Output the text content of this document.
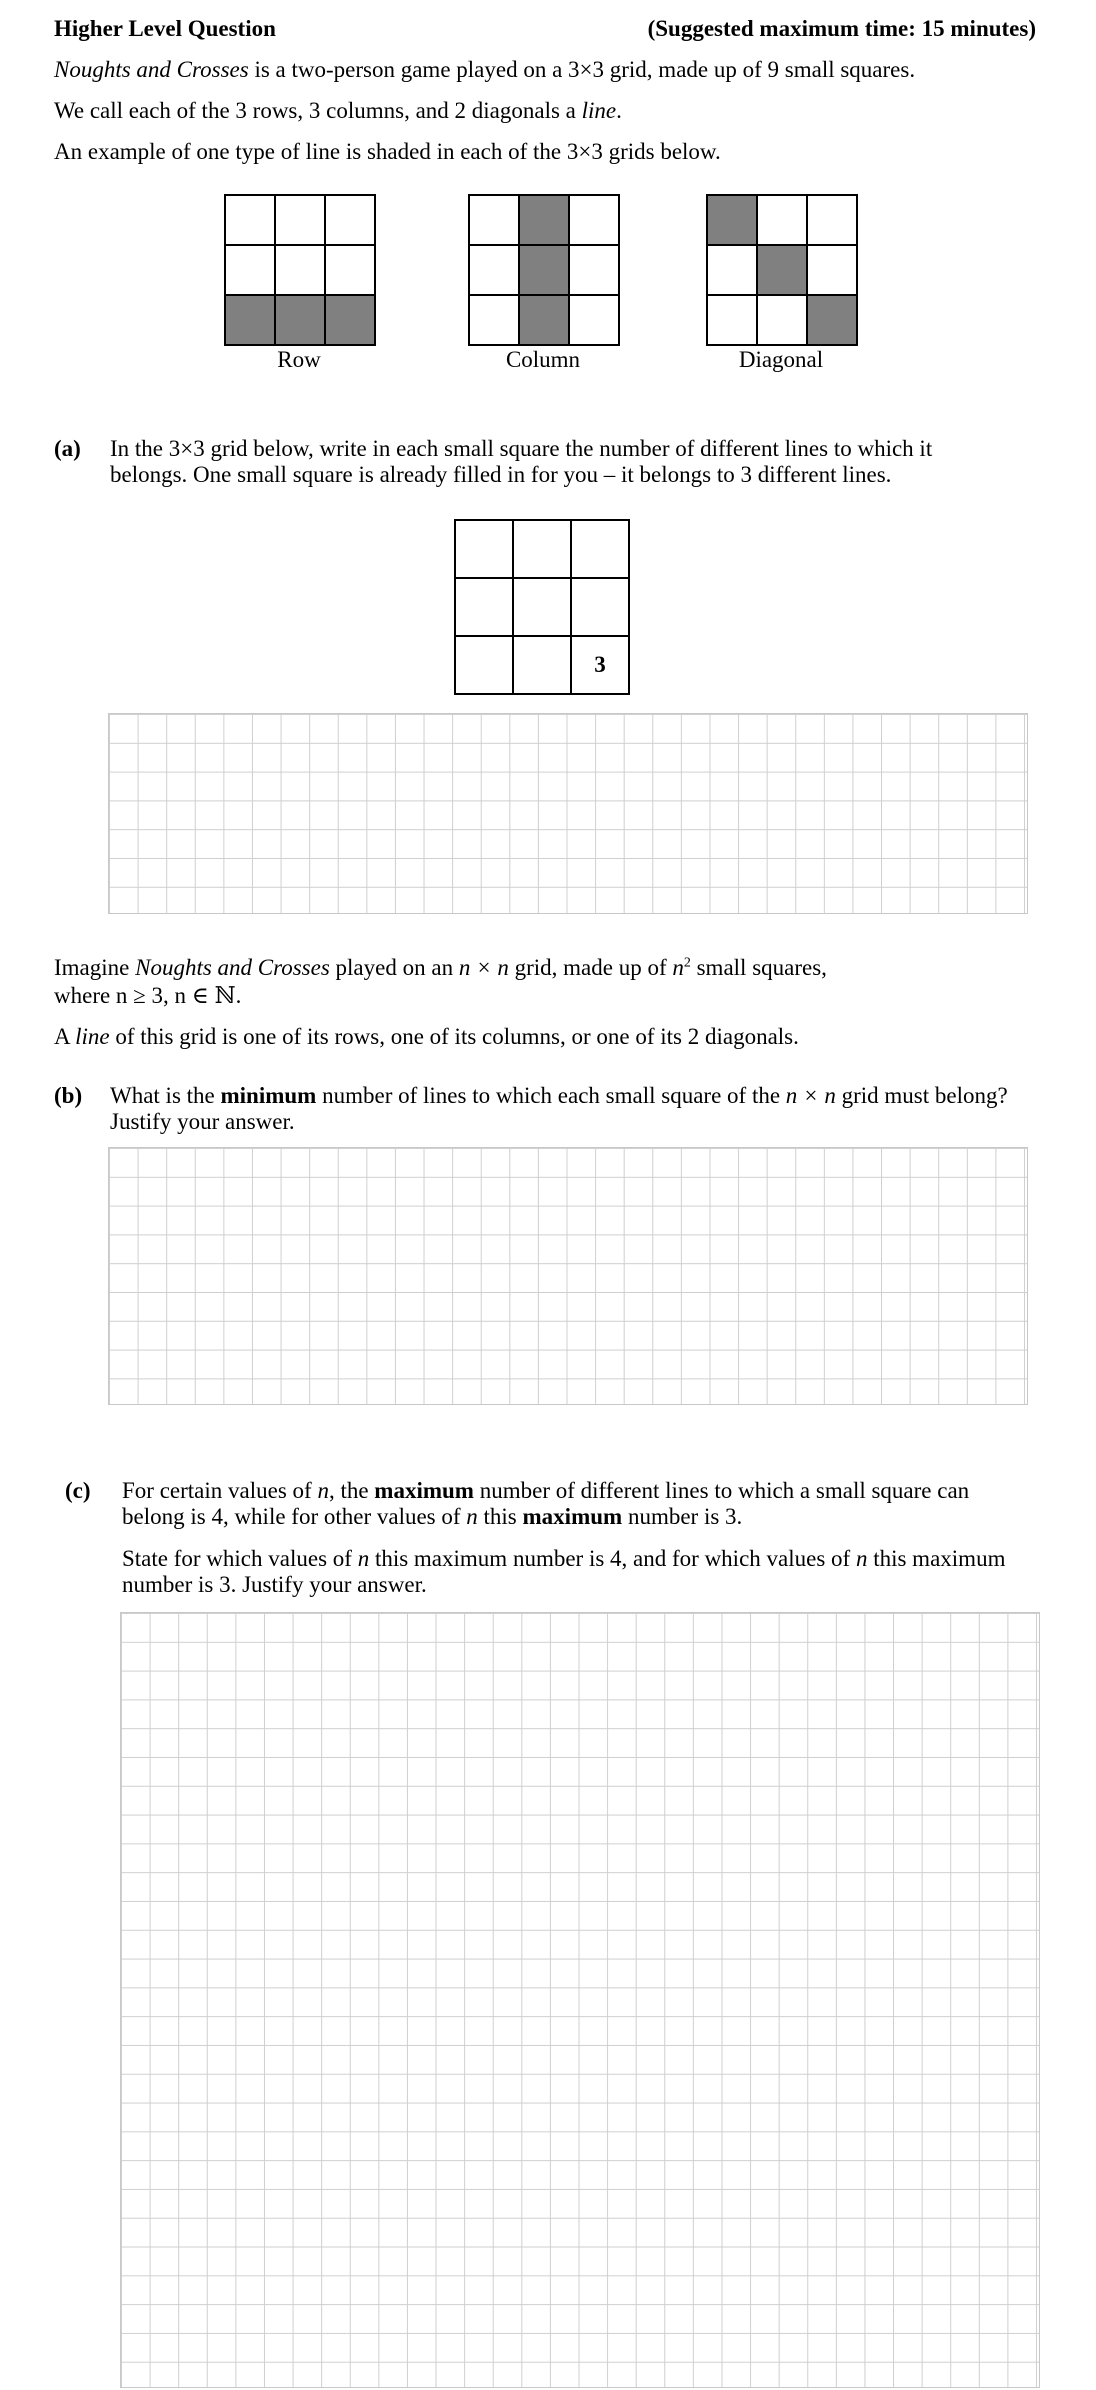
Higher Level Question	(Suggested maximum time: 15 minutes)
Noughts and Crosses is a two-person game played on a 3×3 grid, made up of 9 small squares.
We call each of the 3 rows, 3 columns, and 2 diagonals a line.
An example of one type of line is shaded in each of the 3×3 grids below.

Row

			Column

			Diagonal
(a) In the 3×3 grid below, write in each small square the number of different lines to which it belongs. One small square is already filled in for you – it belongs to 3 different lines.

		3
Imagine Noughts and Crosses played on an n × n grid, made up of $n^2$ small squares,
where n ≥ 3, n ∈ ℕ.
A line of this grid is one of its rows, one of its columns, or one of its 2 diagonals.
(b) What is the minimum number of lines to which each small square of the n × n grid must belong? Justify your answer.
(c) For certain values of n, the maximum number of different lines to which a small square can belong is 4, while for other values of n this maximum number is 3.
State for which values of n this maximum number is 4, and for which values of n this maximum number is 3. Justify your answer.
